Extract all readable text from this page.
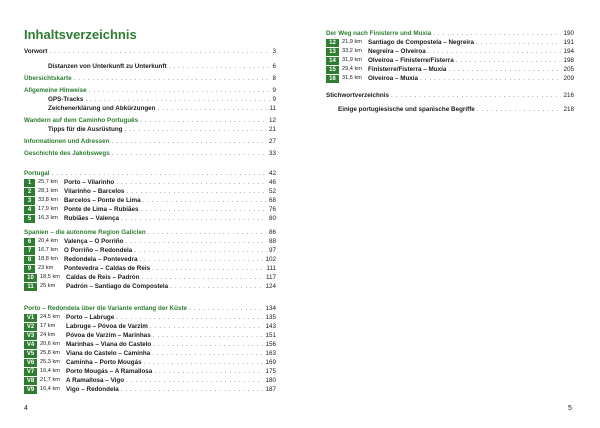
Inhaltsverzeichnis
Vorwort . . .	3
Distanzen von Unterkunft zu Unterkunft . . .	6
Übersichtskarte . . .	8
Allgemeine Hinweise . . .	9
GPS-Tracks . . .	9
Zeichenerklärung und Abkürzungen . . .	11
Wandern auf dem Caminho Português . . .	12
Tipps für die Ausrüstung . . .	21
Informationen und Adressen . . .	27
Geschichte des Jakobswegs . . .	33
Portugal . . .	42
1	25,7 km Porto – Vilarinho . . .	46
2	28,1 km Vilarinho – Barcelos . . .	52
3	33,8 km Barcelos – Ponte de Lima . . .	68
4	17,9 km Ponte de Lima – Rubiães . . .	76
5	16,3 km Rubiães – Valença . . .	80
Spanien – die autonome Region Galicien . . .	86
6	20,4 km Valença – O Porriño . . .	88
7	16,7 km O Porriño – Redondela . . .	97
8	18,8 km Redondela – Pontevedra . . .	102
9	23 km	Pontevedra – Caldas de Reis . . .	111
10	18,5 km Caldas de Reis – Padrón . . .	117
11	25 km	Padrón – Santiago de Compostela . . .	124
Porto – Redondela über die Variante entlang der Küste . . .	134
V1	24,5 km Porto – Labruge . . .	135
V2	17 km	Labruge – Póvoa de Varzim . . .	143
V3	24 km	Póvoa de Varzim – Marinhas . . .	151
V4	20,6 km Marinhas – Viana do Castelo . . .	156
V5	25,8 km Viana do Castelo – Caminha . . .	163
V6	25,3 km Caminha – Porto Mougás . . .	169
V7	16,4 km Porto Mougás – A Ramallosa . . .	175
V8	21,7 km A Ramallosa – Vigo . . .	180
V9	16,4 km Vigo – Redondela . . .	187
4
Der Weg nach Finisterre und Muxía . . .	190
12	21,9 km Santiago de Compostela – Negreira . . .	191
13	33,2 km Negreira – Olveiroa . . .	194
14	31,9 km Olveiroa – Finisterre/Fisterra . . .	198
15	29,4 km Finisterre/Fisterra – Muxía . . .	205
16	31,5 km Olveiroa – Muxía . . .	209
Stichwortverzeichnis . . .	216
Einige portugiesische und spanische Begriffe . . .	218
5
